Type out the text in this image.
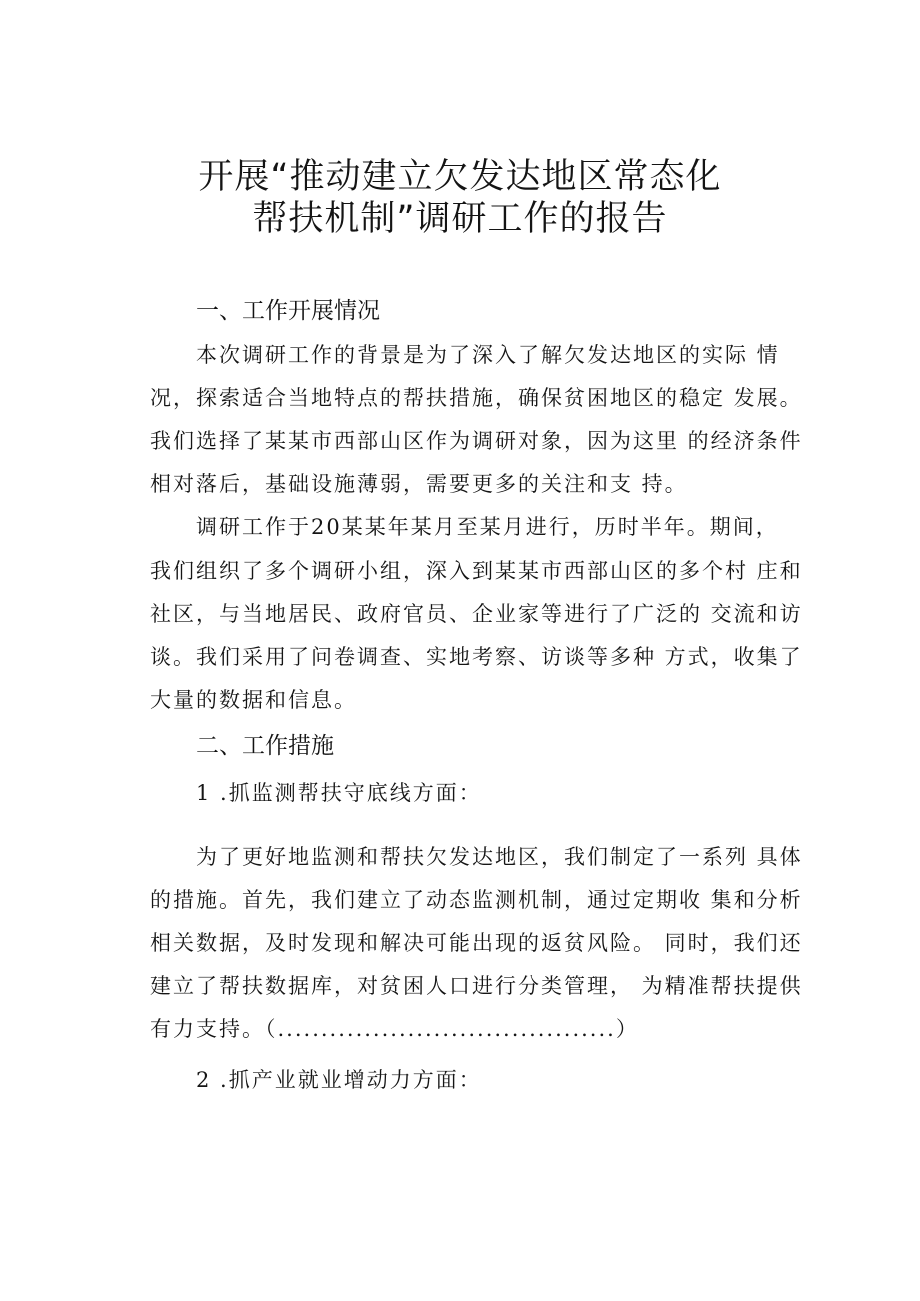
开展“推动建立欠发达地区常态化
帮扶机制”调研工作的报告
一、工作开展情况
本次调研工作的背景是为了深入了解欠发达地区的实际 情
况，探索适合当地特点的帮扶措施，确保贫困地区的稳定 发展。
我们选择了某某市西部山区作为调研对象，因为这里 的经济条件
相对落后，基础设施薄弱，需要更多的关注和支 持。
调研工作于20某某年某月至某月进行，历时半年。期间，
我们组织了多个调研小组，深入到某某市西部山区的多个村 庄和
社区，与当地居民、政府官员、企业家等进行了广泛的 交流和访
谈。我们采用了问卷调查、实地考察、访谈等多种 方式，收集了
大量的数据和信息。
二、工作措施
1 .抓监测帮扶守底线方面：
为了更好地监测和帮扶欠发达地区，我们制定了一系列 具体
的措施。首先，我们建立了动态监测机制，通过定期收 集和分析
相关数据，及时发现和解决可能出现的返贫风险。 同时，我们还
建立了帮扶数据库，对贫困人口进行分类管理， 为精准帮扶提供
有力支持。（.......................................）
2 .抓产业就业增动力方面：
